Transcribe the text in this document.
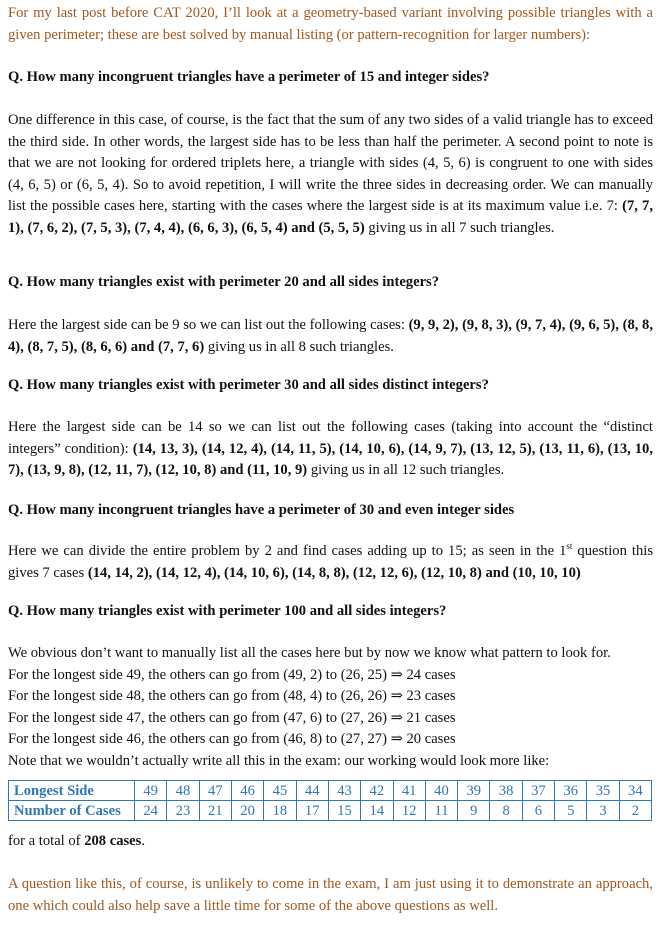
For my last post before CAT 2020, I’ll look at a geometry-based variant involving possible triangles with a given perimeter; these are best solved by manual listing (or pattern-recognition for larger numbers):

Q. How many incongruent triangles have a perimeter of 15 and integer sides?

One difference in this case, of course, is the fact that the sum of any two sides of a valid triangle has to exceed the third side. In other words, the largest side has to be less than half the perimeter. A second point to note is that we are not looking for ordered triplets here, a triangle with sides (4, 5, 6) is congruent to one with sides (4, 6, 5) or (6, 5, 4). So to avoid repetition, I will write the three sides in decreasing order. We can manually list the possible cases here, starting with the cases where the largest side is at its maximum value i.e. 7: (7, 7, 1), (7, 6, 2), (7, 5, 3), (7, 4, 4), (6, 6, 3), (6, 5, 4) and (5, 5, 5) giving us in all 7 such triangles.

Q. How many triangles exist with perimeter 20 and all sides integers?

Here the largest side can be 9 so we can list out the following cases: (9, 9, 2), (9, 8, 3), (9, 7, 4), (9, 6, 5), (8, 8, 4), (8, 7, 5), (8, 6, 6) and (7, 7, 6) giving us in all 8 such triangles.

Q. How many triangles exist with perimeter 30 and all sides distinct integers?

Here the largest side can be 14 so we can list out the following cases (taking into account the “distinct integers” condition): (14, 13, 3), (14, 12, 4), (14, 11, 5), (14, 10, 6), (14, 9, 7), (13, 12, 5), (13, 11, 6), (13, 10, 7), (13, 9, 8), (12, 11, 7), (12, 10, 8) and (11, 10, 9) giving us in all 12 such triangles.

Q. How many incongruent triangles have a perimeter of 30 and even integer sides

Here we can divide the entire problem by 2 and find cases adding up to 15; as seen in the 1st question this gives 7 cases (14, 14, 2), (14, 12, 4), (14, 10, 6), (14, 8, 8), (12, 12, 6), (12, 10, 8) and (10, 10, 10)

Q. How many triangles exist with perimeter 100 and all sides integers?

We obvious don’t want to manually list all the cases here but by now we know what pattern to look for.
For the longest side 49, the others can go from (49, 2) to (26, 25) ⇒ 24 cases
For the longest side 48, the others can go from (48, 4) to (26, 26) ⇒ 23 cases
For the longest side 47, the others can go from (47, 6) to (27, 26) ⇒ 21 cases
For the longest side 46, the others can go from (46, 8) to (27, 27) ⇒ 20 cases
Note that we wouldn’t actually write all this in the exam: our working would look more like:

Longest Side	49	48	47	46	45	44	43	42	41	40	39	38	37	36	35	34
Number of Cases	24	23	21	20	18	17	15	14	12	11	9	8	6	5	3	2

for a total of 208 cases.

A question like this, of course, is unlikely to come in the exam, I am just using it to demonstrate an approach, one which could also help save a little time for some of the above questions as well.
